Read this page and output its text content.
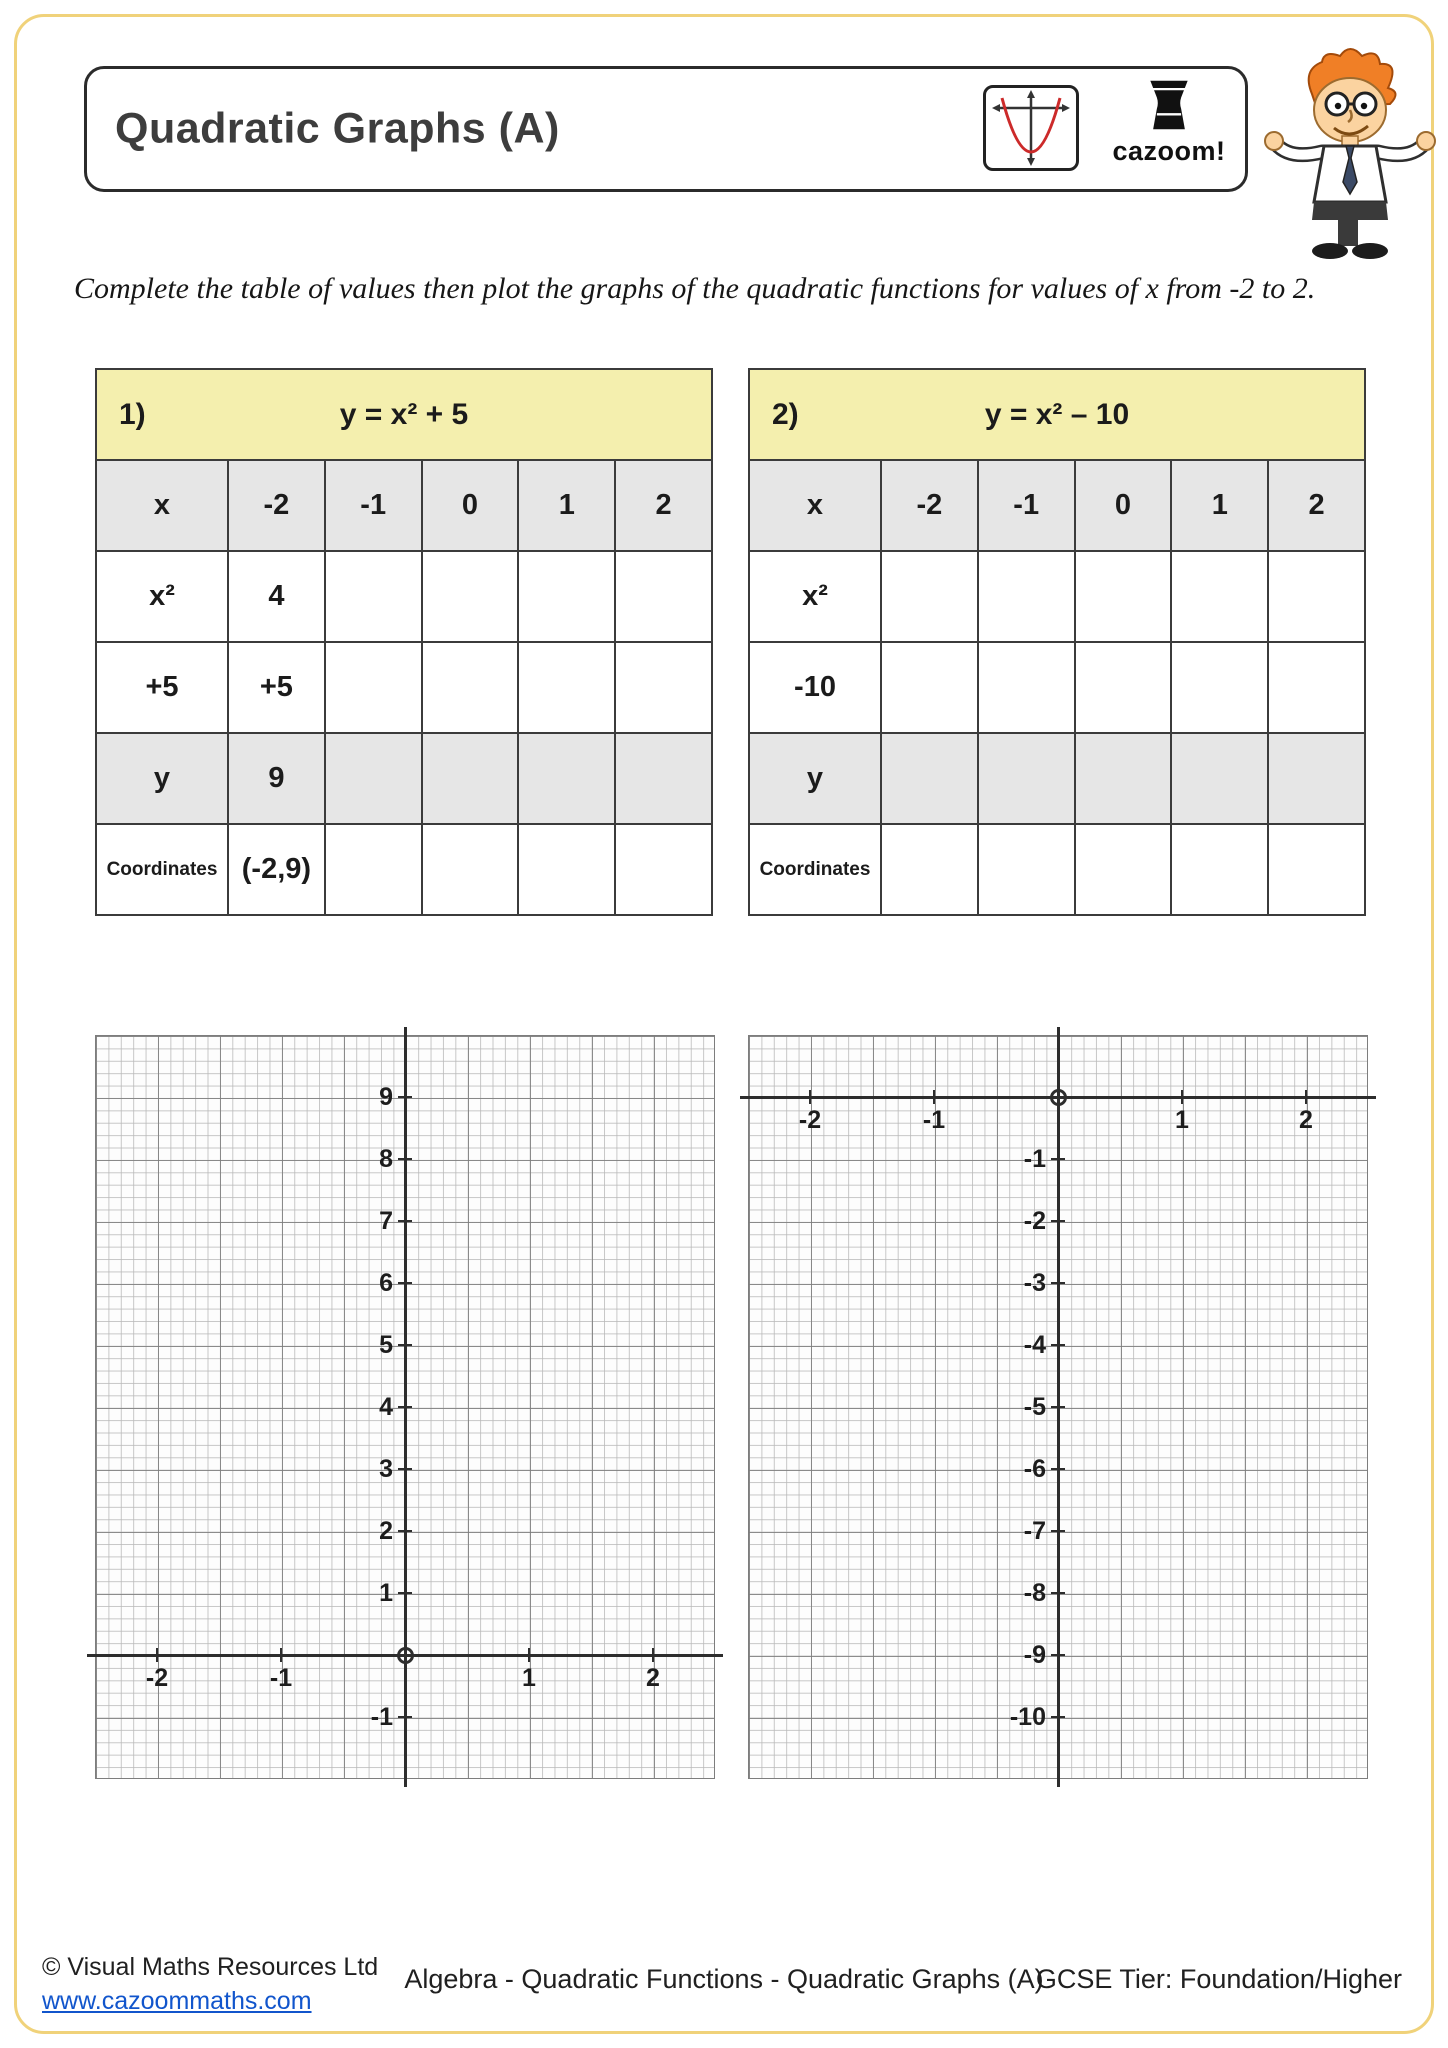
Quadratic Graphs (A)	cazoom!

Complete the table of values then plot the graphs of the quadratic functions for values of x from -2 to 2.

1) y = x² + 5					
x	-2	-1	0	1	2
x²	4				
+5	+5				
y	9				
Coordinates	(-2,9)				
2) y = x² – 10					
x	-2	-1	0	1	2
x²					
-10					
y					
Coordinates					
-2	-1	1	2
9
8
7
6
5
4
3
2
1
-1
-2	-1	1	2
-1
-2
-3
-4
-5
-6
-7
-8
-9
-10
© Visual Maths Resources Ltd
www.cazoommaths.com
Algebra - Quadratic Functions - Quadratic Graphs (A)
GCSE Tier: Foundation/Higher
